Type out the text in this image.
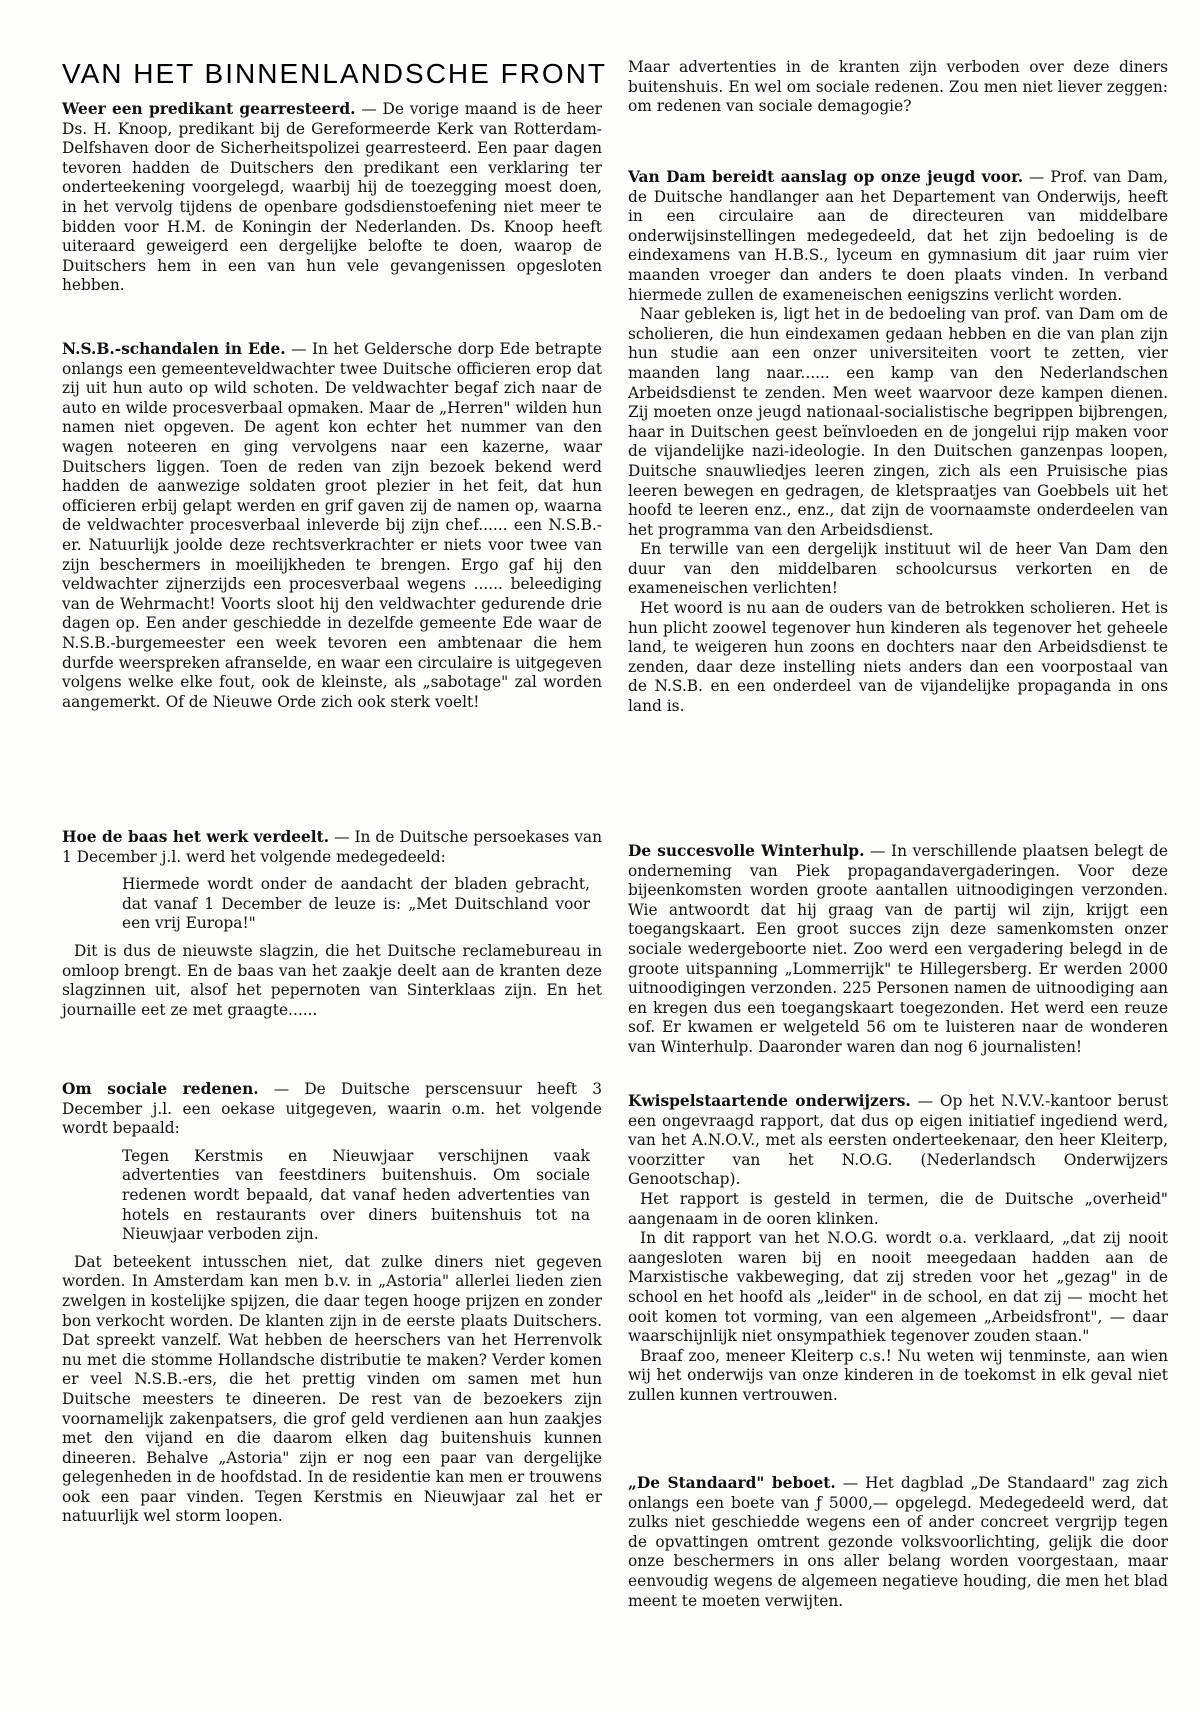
VAN HET BINNENLANDSCHE FRONT

Weer een predikant gearresteerd. — De vorige maand is de heer Ds. H. Knoop, predikant bij de Gereformeerde Kerk van Rotterdam-Delfshaven door de Sicherheitspolizei gearresteerd. Een paar dagen tevoren hadden de Duitschers den predikant een verklaring ter onderteekening voorgelegd, waarbij hij de toezegging moest doen, in het vervolg tijdens de openbare godsdienstoefening niet meer te bidden voor H.M. de Koningin der Nederlanden. Ds. Knoop heeft uiteraard geweigerd een dergelijke belofte te doen, waarop de Duitschers hem in een van hun vele gevangenissen opgesloten hebben.

N.S.B.-schandalen in Ede. — In het Geldersche dorp Ede betrapte onlangs een gemeenteveldwachter twee Duitsche officieren erop dat zij uit hun auto op wild schoten. De veldwachter begaf zich naar de auto en wilde procesverbaal opmaken. Maar de „Herren" wilden hun namen niet opgeven. De agent kon echter het nummer van den wagen noteeren en ging vervolgens naar een kazerne, waar Duitschers liggen. Toen de reden van zijn bezoek bekend werd hadden de aanwezige soldaten groot plezier in het feit, dat hun officieren erbij gelapt werden en grif gaven zij de namen op, waarna de veldwachter procesverbaal inleverde bij zijn chef...... een N.S.B.-er. Natuurlijk joolde deze rechtsverkrachter er niets voor twee van zijn beschermers in moeilijkheden te brengen. Ergo gaf hij den veldwachter zijnerzijds een procesverbaal wegens ...... beleediging van de Wehrmacht! Voorts sloot hij den veldwachter gedurende drie dagen op. Een ander geschiedde in dezelfde gemeente Ede waar de N.S.B.-burgemeester een week tevoren een ambtenaar die hem durfde weerspreken afranselde, en waar een circulaire is uitgegeven volgens welke elke fout, ook de kleinste, als „sabotage" zal worden aangemerkt. Of de Nieuwe Orde zich ook sterk voelt!

Hoe de baas het werk verdeelt. — In de Duitsche persoekases van 1 December j.l. werd het volgende medegedeeld:

Hiermede wordt onder de aandacht der bladen gebracht, dat vanaf 1 December de leuze is: „Met Duitschland voor een vrij Europa!"

Dit is dus de nieuwste slagzin, die het Duitsche reclamebureau in omloop brengt. En de baas van het zaakje deelt aan de kranten deze slagzinnen uit, alsof het pepernoten van Sinterklaas zijn. En het journaille eet ze met graagte......

Om sociale redenen. — De Duitsche perscensuur heeft 3 December j.l. een oekase uitgegeven, waarin o.m. het volgende wordt bepaald:

Tegen Kerstmis en Nieuwjaar verschijnen vaak advertenties van feestdiners buitenshuis. Om sociale redenen wordt bepaald, dat vanaf heden advertenties van hotels en restaurants over diners buitenshuis tot na Nieuwjaar verboden zijn.

Dat beteekent intusschen niet, dat zulke diners niet gegeven worden. In Amsterdam kan men b.v. in „Astoria" allerlei lieden zien zwelgen in kostelijke spijzen, die daar tegen hooge prijzen en zonder bon verkocht worden. De klanten zijn in de eerste plaats Duitschers. Dat spreekt vanzelf. Wat hebben de heerschers van het Herrenvolk nu met die stomme Hollandsche distributie te maken? Verder komen er veel N.S.B.-ers, die het prettig vinden om samen met hun Duitsche meesters te dineeren. De rest van de bezoekers zijn voornamelijk zakenpatsers, die grof geld verdienen aan hun zaakjes met den vijand en die daarom elken dag buitenshuis kunnen dineeren. Behalve „Astoria" zijn er nog een paar van dergelijke gelegenheden in de hoofdstad. In de residentie kan men er trouwens ook een paar vinden. Tegen Kerstmis en Nieuwjaar zal het er natuurlijk wel storm loopen.

Maar advertenties in de kranten zijn verboden over deze diners buitenshuis. En wel om sociale redenen. Zou men niet liever zeggen: om redenen van sociale demagogie?

Van Dam bereidt aanslag op onze jeugd voor. — Prof. van Dam, de Duitsche handlanger aan het Departement van Onderwijs, heeft in een circulaire aan de directeuren van middelbare onderwijsinstellingen medegedeeld, dat het zijn bedoeling is de eindexamens van H.B.S., lyceum en gymnasium dit jaar ruim vier maanden vroeger dan anders te doen plaats vinden. In verband hiermede zullen de exameneischen eenigszins verlicht worden.

Naar gebleken is, ligt het in de bedoeling van prof. van Dam om de scholieren, die hun eindexamen gedaan hebben en die van plan zijn hun studie aan een onzer universiteiten voort te zetten, vier maanden lang naar...... een kamp van den Nederlandschen Arbeidsdienst te zenden. Men weet waarvoor deze kampen dienen. Zij moeten onze jeugd nationaal-socialistische begrippen bijbrengen, haar in Duitschen geest beïnvloeden en de jongelui rijp maken voor de vijandelijke nazi-ideologie. In den Duitschen ganzenpas loopen, Duitsche snauwliedjes leeren zingen, zich als een Pruisische pias leeren bewegen en gedragen, de kletspraatjes van Goebbels uit het hoofd te leeren enz., enz., dat zijn de voornaamste onderdeelen van het programma van den Arbeidsdienst.

En terwille van een dergelijk instituut wil de heer Van Dam den duur van den middelbaren schoolcursus verkorten en de exameneischen verlichten!

Het woord is nu aan de ouders van de betrokken scholieren. Het is hun plicht zoowel tegenover hun kinderen als tegenover het geheele land, te weigeren hun zoons en dochters naar den Arbeidsdienst te zenden, daar deze instelling niets anders dan een voorpostaal van de N.S.B. en een onderdeel van de vijandelijke propaganda in ons land is.

De succesvolle Winterhulp. — In verschillende plaatsen belegt de onderneming van Piek propagandavergaderingen. Voor deze bijeenkomsten worden groote aantallen uitnoodigingen verzonden. Wie antwoordt dat hij graag van de partij wil zijn, krijgt een toegangskaart. Een groot succes zijn deze samenkomsten onzer sociale wedergeboorte niet. Zoo werd een vergadering belegd in de groote uitspanning „Lommerrijk" te Hillegersberg. Er werden 2000 uitnoodigingen verzonden. 225 Personen namen de uitnoodiging aan en kregen dus een toegangskaart toegezonden. Het werd een reuze sof. Er kwamen er welgeteld 56 om te luisteren naar de wonderen van Winterhulp. Daaronder waren dan nog 6 journalisten!

Kwispelstaartende onderwijzers. — Op het N.V.V.-kantoor berust een ongevraagd rapport, dat dus op eigen initiatief ingediend werd, van het A.N.O.V., met als eersten onderteekenaar, den heer Kleiterp, voorzitter van het N.O.G. (Nederlandsch Onderwijzers Genootschap).

Het rapport is gesteld in termen, die de Duitsche „overheid" aangenaam in de ooren klinken.

In dit rapport van het N.O.G. wordt o.a. verklaard, „dat zij nooit aangesloten waren bij en nooit meegedaan hadden aan de Marxistische vakbeweging, dat zij streden voor het „gezag" in de school en het hoofd als „leider" in de school, en dat zij — mocht het ooit komen tot vorming, van een algemeen „Arbeidsfront", — daar waarschijnlijk niet onsympathiek tegenover zouden staan."

Braaf zoo, meneer Kleiterp c.s.! Nu weten wij tenminste, aan wien wij het onderwijs van onze kinderen in de toekomst in elk geval niet zullen kunnen vertrouwen.

„De Standaard" beboet. — Het dagblad „De Standaard" zag zich onlangs een boete van ƒ 5000,— opgelegd. Medegedeeld werd, dat zulks niet geschiedde wegens een of ander concreet vergrijp tegen de opvattingen omtrent gezonde volksvoorlichting, gelijk die door onze beschermers in ons aller belang worden voorgestaan, maar eenvoudig wegens de algemeen negatieve houding, die men het blad meent te moeten verwijten.
